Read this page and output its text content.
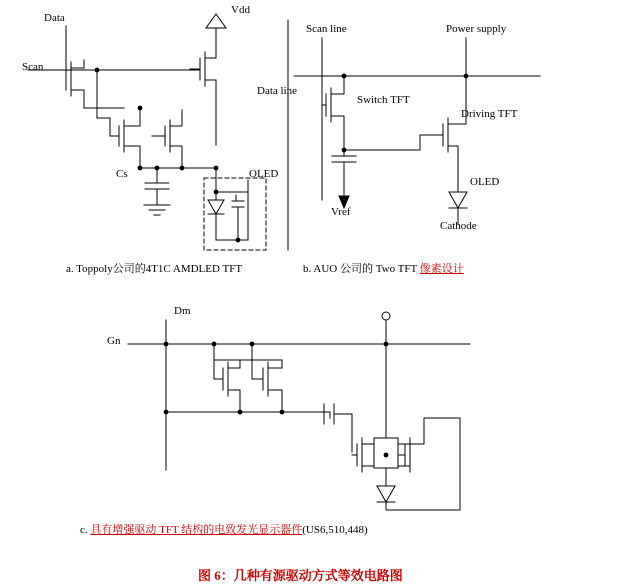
Data
Vdd
Scan
Cs	OLED
Scan line	Power supply
Data line
Switch TFT
Driving TFT
Vref
OLED
Cathode
a. Toppoly公司的4T1C AMDLED TFT	b. AUO 公司的 Two TFT 像素设计
Dm
Gn
c. 具有增强驱动 TFT 结构的电致发光显示器件(US6,510,448)
图 6：几种有源驱动方式等效电路图
